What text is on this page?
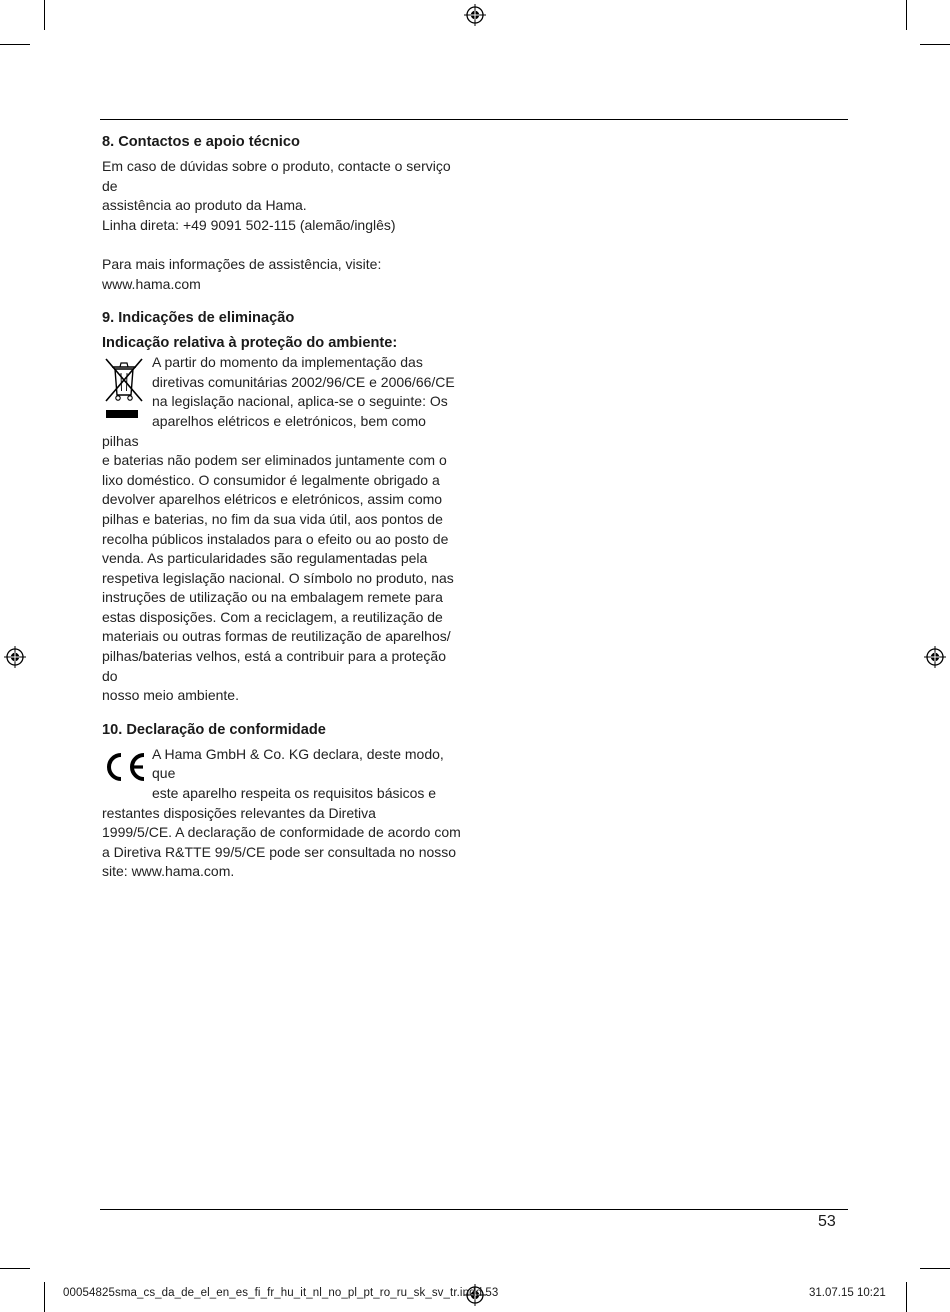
8. Contactos e apoio técnico

Em caso de dúvidas sobre o produto, contacte o serviço de

assistência ao produto da Hama.

Linha direta: +49 9091 502-115 (alemão/inglês)

Para mais informações de assistência, visite:

www.hama.com

9. Indicações de eliminação

Indicação relativa à proteção do ambiente:

A partir do momento da implementação das

diretivas comunitárias 2002/96/CE e 2006/66/CE

na legislação nacional, aplica-se o seguinte: Os

aparelhos elétricos e eletrónicos, bem como pilhas

e baterias não podem ser eliminados juntamente com o

lixo doméstico. O consumidor é legalmente obrigado a

devolver aparelhos elétricos e eletrónicos, assim como

pilhas e baterias, no fim da sua vida útil, aos pontos de

recolha públicos instalados para o efeito ou ao posto de

venda. As particularidades são regulamentadas pela

respetiva legislação nacional. O símbolo no produto, nas

instruções de utilização ou na embalagem remete para

estas disposições. Com a reciclagem, a reutilização de

materiais ou outras formas de reutilização de aparelhos/

pilhas/baterias velhos, está a contribuir para a proteção do

nosso meio ambiente.

10. Declaração de conformidade

A Hama GmbH & Co. KG declara, deste modo, que

este aparelho respeita os requisitos básicos e

restantes disposições relevantes da Diretiva

1999/5/CE. A declaração de conformidade de acordo com

a Diretiva R&TTE 99/5/CE pode ser consultada no nosso

site: www.hama.com.

53
00054825sma_cs_da_de_el_en_es_fi_fr_hu_it_nl_no_pl_pt_ro_ru_sk_sv_tr.indd 53	31.07.15 10:21
